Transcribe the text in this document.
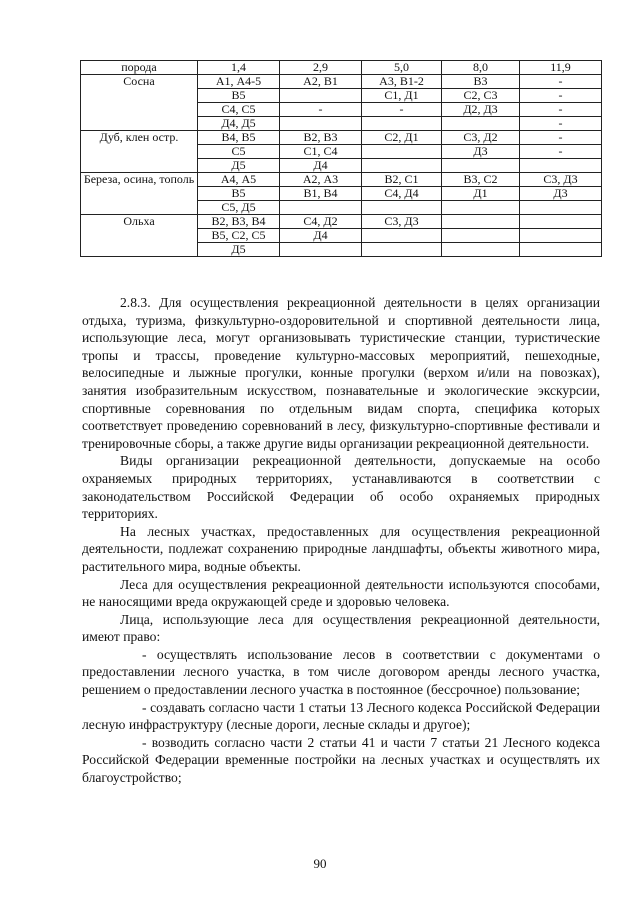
порода	1,4	2,9	5,0	8,0	11,9
Сосна	А1, А4-5	А2, В1	А3, В1-2	В3	-
	В5		С1, Д1	С2, С3	-
	С4, С5	-	-	Д2, Д3	-
	Д4, Д5				-
Дуб, клен остр.	В4, В5	В2, В3	С2, Д1	С3, Д2	-
	С5	С1, С4		Д3	-
	Д5	Д4			
Береза, осина, тополь	А4, А5	А2, А3	В2, С1	В3, С2	С3, Д3
	В5	В1, В4	С4, Д4	Д1	Д3
	С5, Д5				
Ольха	В2, В3, В4	С4, Д2	С3, Д3		
	В5, С2, С5	Д4			
	Д5				

2.8.3. Для осуществления рекреационной деятельности в целях организации отдыха, туризма, физкультурно-оздоровительной и спортивной деятельности лица, использующие леса, могут организовывать туристические станции, туристические тропы и трассы, проведение культурно-массовых мероприятий, пешеходные, велосипедные и лыжные прогулки, конные прогулки (верхом и/или на повозках), занятия изобразительным искусством, познавательные и экологические экскурсии, спортивные соревнования по отдельным видам спорта, специфика которых соответствует проведению соревнований в лесу, физкультурно-спортивные фестивали и тренировочные сборы, а также другие виды организации рекреационной деятельности.

Виды организации рекреационной деятельности, допускаемые на особо охраняемых природных территориях, устанавливаются в соответствии с законодательством Российской Федерации об особо охраняемых природных территориях.

На лесных участках, предоставленных для осуществления рекреационной деятельности, подлежат сохранению природные ландшафты, объекты животного мира, растительного мира, водные объекты.

Леса для осуществления рекреационной деятельности используются способами, не наносящими вреда окружающей среде и здоровью человека.

Лица, использующие леса для осуществления рекреационной деятельности, имеют право:

- осуществлять использование лесов в соответствии с документами о предоставлении лесного участка, в том числе договором аренды лесного участка, решением о предоставлении лесного участка в постоянное (бессрочное) пользование;

- создавать согласно части 1 статьи 13 Лесного кодекса Российской Федерации лесную инфраструктуру (лесные дороги, лесные склады и другое);

- возводить согласно части 2 статьи 41 и части 7 статьи 21 Лесного кодекса Российской Федерации временные постройки на лесных участках и осуществлять их благоустройство;

90
